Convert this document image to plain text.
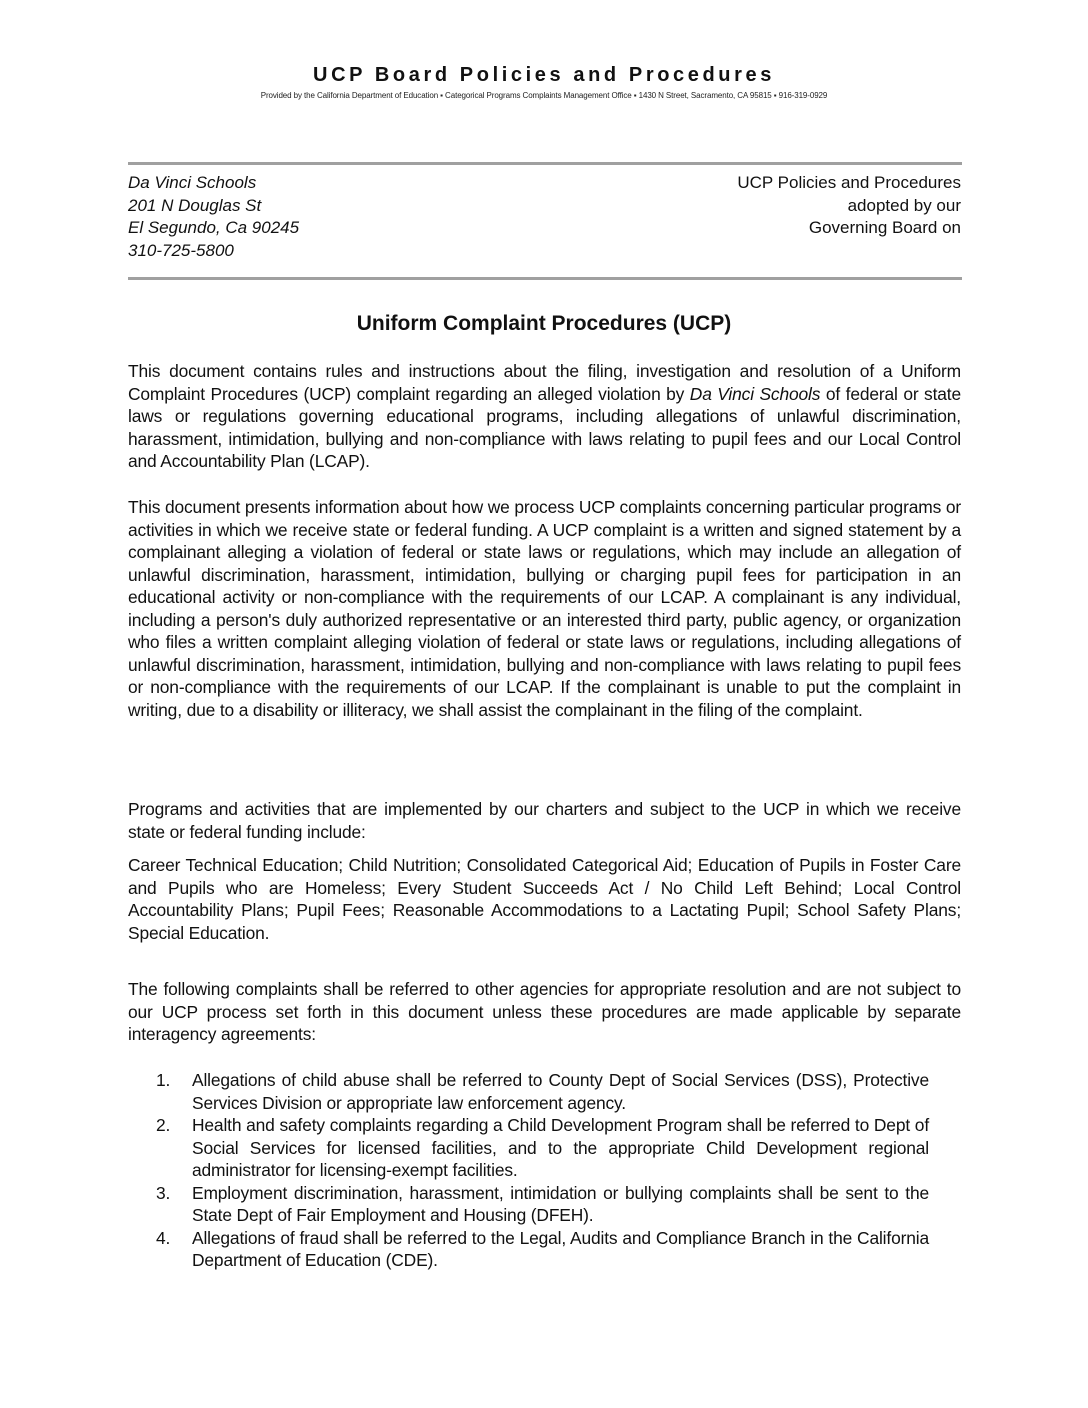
UCP Board Policies and Procedures
Provided by the California Department of Education ▪ Categorical Programs Complaints Management Office ▪ 1430 N Street, Sacramento, CA 95815 ▪ 916-319-0929
Da Vinci Schools
201 N Douglas St
El Segundo, Ca 90245
310-725-5800
UCP Policies and Procedures
adopted by our
Governing Board on
Uniform Complaint Procedures (UCP)
This document contains rules and instructions about the filing, investigation and resolution of a Uniform Complaint Procedures (UCP) complaint regarding an alleged violation by Da Vinci Schools of federal or state laws or regulations governing educational programs, including allegations of unlawful discrimination, harassment, intimidation, bullying and non-compliance with laws relating to pupil fees and our Local Control and Accountability Plan (LCAP).
This document presents information about how we process UCP complaints concerning particular programs or activities in which we receive state or federal funding. A UCP complaint is a written and signed statement by a complainant alleging a violation of federal or state laws or regulations, which may include an allegation of unlawful discrimination, harassment, intimidation, bullying or charging pupil fees for participation in an educational activity or non-compliance with the requirements of our LCAP. A complainant is any individual, including a person's duly authorized representative or an interested third party, public agency, or organization who files a written complaint alleging violation of federal or state laws or regulations, including allegations of unlawful discrimination, harassment, intimidation, bullying and non-compliance with laws relating to pupil fees or non-compliance with the requirements of our LCAP. If the complainant is unable to put the complaint in writing, due to a disability or illiteracy, we shall assist the complainant in the filing of the complaint.
Programs and activities that are implemented by our charters and subject to the UCP in which we receive state or federal funding include:
Career Technical Education; Child Nutrition; Consolidated Categorical Aid; Education of Pupils in Foster Care and Pupils who are Homeless; Every Student Succeeds Act / No Child Left Behind; Local Control Accountability Plans; Pupil Fees; Reasonable Accommodations to a Lactating Pupil; School Safety Plans; Special Education.
The following complaints shall be referred to other agencies for appropriate resolution and are not subject to our UCP process set forth in this document unless these procedures are made applicable by separate interagency agreements:
1. Allegations of child abuse shall be referred to County Dept of Social Services (DSS), Protective Services Division or appropriate law enforcement agency.
2. Health and safety complaints regarding a Child Development Program shall be referred to Dept of Social Services for licensed facilities, and to the appropriate Child Development regional administrator for licensing-exempt facilities.
3. Employment discrimination, harassment, intimidation or bullying complaints shall be sent to the State Dept of Fair Employment and Housing (DFEH).
4. Allegations of fraud shall be referred to the Legal, Audits and Compliance Branch in the California Department of Education (CDE).
